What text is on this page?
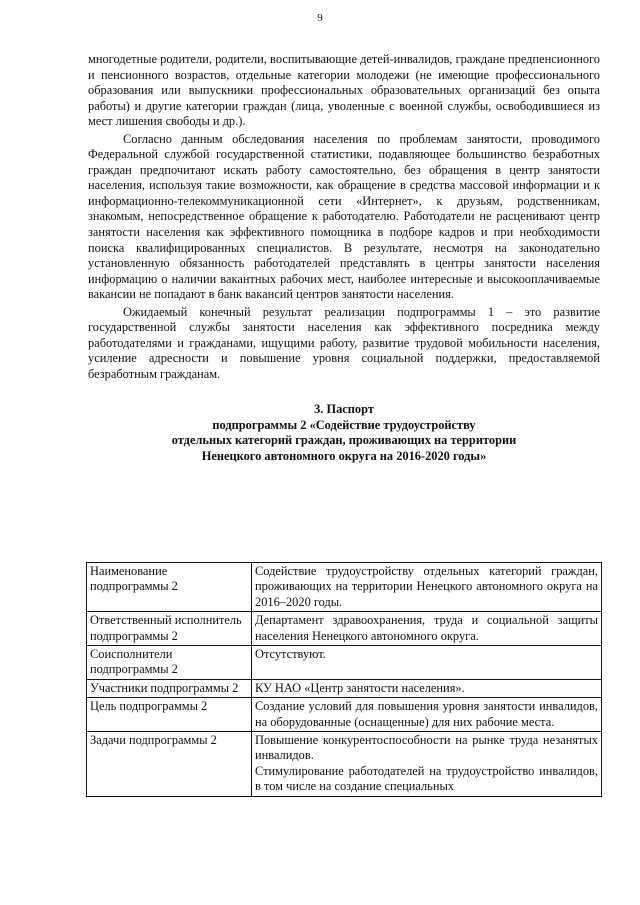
9

многодетные родители, родители, воспитывающие детей-инвалидов, граждане предпенсионного и пенсионного возрастов, отдельные категории молодежи (не имеющие профессионального образования или выпускники профессиональных образовательных организаций без опыта работы) и другие категории граждан (лица, уволенные с военной службы, освободившиеся из мест лишения свободы и др.).

Согласно данным обследования населения по проблемам занятости, проводимого Федеральной службой государственной статистики, подавляющее большинство безработных граждан предпочитают искать работу самостоятельно, без обращения в центр занятости населения, используя такие возможности, как обращение в средства массовой информации и к информационно-телекоммуникационной сети «Интернет», к друзьям, родственникам, знакомым, непосредственное обращение к работодателю. Работодатели не расценивают центр занятости населения как эффективного помощника в подборе кадров и при необходимости поиска квалифицированных специалистов. В результате, несмотря на законодательно установленную обязанность работодателей представлять в центры занятости населения информацию о наличии вакантных рабочих мест, наиболее интересные и высокооплачиваемые вакансии не попадают в банк вакансий центров занятости населения.

Ожидаемый конечный результат реализации подпрограммы 1 – это развитие государственной службы занятости населения как эффективного посредника между работодателями и гражданами, ищущими работу, развитие трудовой мобильности населения, усиление адресности и повышение уровня социальной поддержки, предоставляемой безработным гражданам.

3. Паспорт
подпрограммы 2 «Содействие трудоустройству
отдельных категорий граждан, проживающих на территории
Ненецкого автономного округа на 2016-2020 годы»
Наименование подпрограммы 2	Содействие трудоустройству отдельных категорий граждан, проживающих на территории Ненецкого автономного округа на 2016–2020 годы.
Ответственный исполнитель подпрограммы 2	Департамент здравоохранения, труда и социальной защиты населения Ненецкого автономного округа.
Соисполнители подпрограммы 2	Отсутствуют.
Участники подпрограммы 2	КУ НАО «Центр занятости населения».
Цель подпрограммы 2	Создание условий для повышения уровня занятости инвалидов, на оборудованные (оснащенные) для них рабочие места.
Задачи подпрограммы 2	Повышение конкурентоспособности на рынке труда незанятых инвалидов.
Стимулирование работодателей на трудоустройство инвалидов, в том числе на создание специальных
